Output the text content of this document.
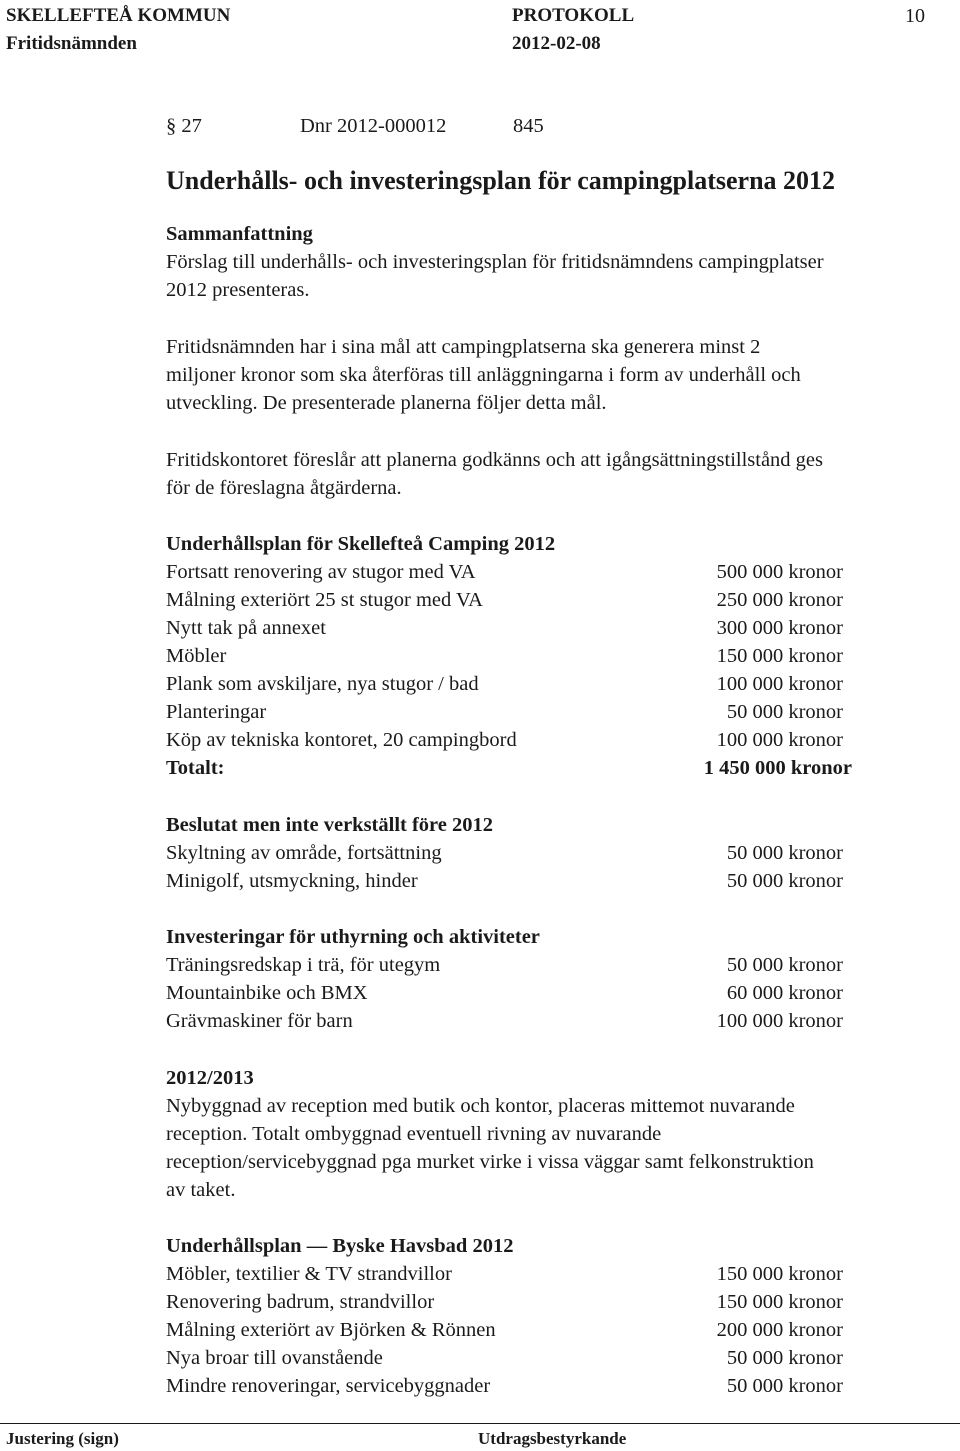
SKELLEFTEÅ KOMMUN
Fritidsnämnden
PROTOKOLL
2012-02-08
10
§ 27	Dnr 2012-000012	845
Underhålls- och investeringsplan för campingplatserna 2012
Sammanfattning
Förslag till underhålls- och investeringsplan för fritidsnämndens campingplatser
2012 presenteras.
Fritidsnämnden har i sina mål att campingplatserna ska generera minst 2
miljoner kronor som ska återföras till anläggningarna i form av underhåll och
utveckling. De presenterade planerna följer detta mål.
Fritidskontoret föreslår att planerna godkänns och att igångsättningstillstånd ges
för de föreslagna åtgärderna.
Underhållsplan för Skellefteå Camping 2012
Fortsatt renovering av stugor med VA	500 000 kronor
Målning exteriört 25 st stugor med VA	250 000 kronor
Nytt tak på annexet	300 000 kronor
Möbler	150 000 kronor
Plank som avskiljare, nya stugor / bad	100 000 kronor
Planteringar	50 000 kronor
Köp av tekniska kontoret, 20 campingbord	100 000 kronor
Totalt:	1 450 000 kronor
Beslutat men inte verkställt före 2012
Skyltning av område, fortsättning	50 000 kronor
Minigolf, utsmyckning, hinder	50 000 kronor
Investeringar för uthyrning och aktiviteter
Träningsredskap i trä, för utegym	50 000 kronor
Mountainbike och BMX	60 000 kronor
Grävmaskiner för barn	100 000 kronor
2012/2013
Nybyggnad av reception med butik och kontor, placeras mittemot nuvarande
reception. Totalt ombyggnad eventuell rivning av nuvarande
reception/servicebyggnad pga murket virke i vissa väggar samt felkonstruktion
av taket.
Underhållsplan — Byske Havsbad 2012
Möbler, textilier & TV strandvillor	150 000 kronor
Renovering badrum, strandvillor	150 000 kronor
Målning exteriört av Björken & Rönnen	200 000 kronor
Nya broar till ovanstående	50 000 kronor
Mindre renoveringar, servicebyggnader	50 000 kronor
Justering (sign)	Utdragsbestyrkande
